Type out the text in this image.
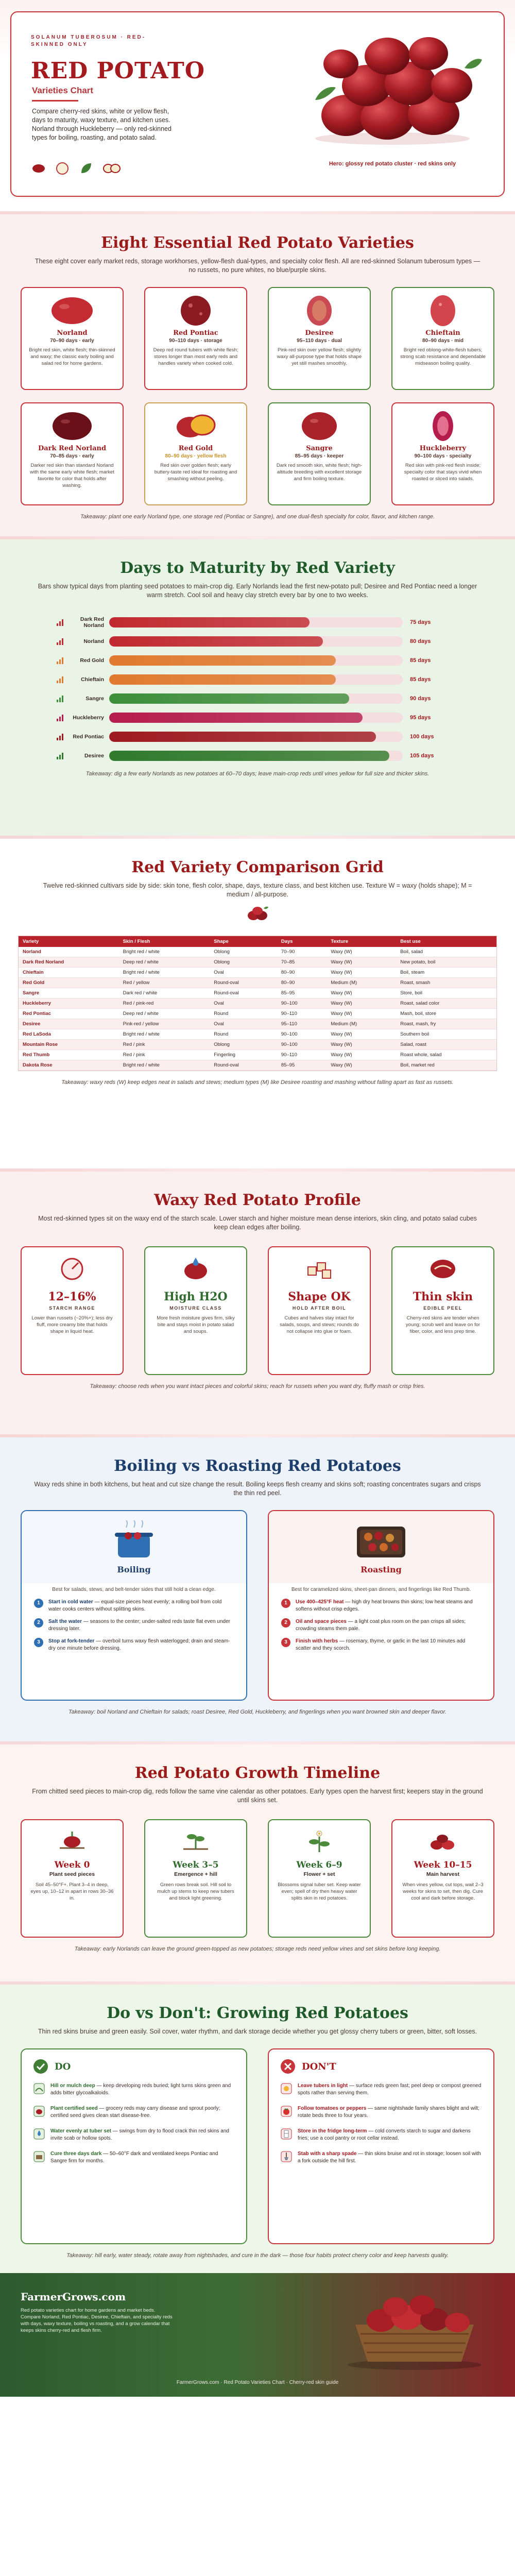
SOLANUM TUBEROSUM · RED-SKINNED ONLY
RED POTATO
Varieties Chart
Compare cherry-red skins, white or yellow flesh, days to maturity, waxy texture, and kitchen uses. Norland through Huckleberry — only red-skinned types for boiling, roasting, and potato salad.
Hero: glossy red potato cluster · red skins only
Eight Essential Red Potato Varieties
These eight cover early market reds, storage workhorses, yellow-flesh dual-types, and specialty color flesh. All are red-skinned Solanum tuberosum types — no russets, no pure whites, no blue/purple skins.
Norland
70–90 days · early
Bright red skin, white flesh; thin-skinned and waxy; the classic early boiling and salad red for home gardens.
Red Pontiac
90–110 days · storage
Deep red round tubers with white flesh; stores longer than most early reds and handles variety when cooked cold.
Desiree
95–110 days · dual
Pink-red skin over yellow flesh; slightly waxy all-purpose type that holds shape yet still mashes smoothly.
Chieftain
80–90 days · mid
Bright red oblong-white-flesh tubers; strong scab resistance and dependable midseason boiling quality.
Dark Red Norland
70–85 days · early
Darker red skin than standard Norland with the same early white flesh; market favorite for color that holds after washing.
Red Gold
80–90 days · yellow flesh
Red skin over golden flesh; early buttery-taste red ideal for roasting and smashing without peeling.
Sangre
85–95 days · keeper
Dark red smooth skin, white flesh; high-altitude breeding with excellent storage and firm boiling texture.
Huckleberry
90–100 days · specialty
Red skin with pink-red flesh inside; specialty color that stays vivid when roasted or sliced into salads.
Takeaway: plant one early Norland type, one storage red (Pontiac or Sangre), and one dual-flesh specialty for color, flavor, and kitchen range.
Days to Maturity by Red Variety
Bars show typical days from planting seed potatoes to main-crop dig. Early Norlands lead the first new-potato pull; Desiree and Red Pontiac need a longer warm stretch. Cool soil and heavy clay stretch every bar by one to two weeks.
Dark Red Norland	75 days
Norland	80 days
Red Gold	85 days
Chieftain	85 days
Sangre	90 days
Huckleberry	95 days
Red Pontiac	100 days
Desiree	105 days
Takeaway: dig a few early Norlands as new potatoes at 60–70 days; leave main-crop reds until vines yellow for full size and thicker skins.
Red Variety Comparison Grid
Twelve red-skinned cultivars side by side: skin tone, flesh color, shape, days, texture class, and best kitchen use. Texture W = waxy (holds shape); M = medium / all-purpose.
Variety	Skin / Flesh	Shape	Days	Texture	Best use
Norland	Bright red / white	Oblong	70–90	Waxy (W)	Boil, salad
Dark Red Norland	Deep red / white	Oblong	70–85	Waxy (W)	New potato, boil
Chieftain	Bright red / white	Oval	80–90	Waxy (W)	Boil, steam
Red Gold	Red / yellow	Round-oval	80–90	Medium (M)	Roast, smash
Sangre	Dark red / white	Round-oval	85–95	Waxy (W)	Store, boil
Huckleberry	Red / pink-red	Oval	90–100	Waxy (W)	Roast, salad color
Red Pontiac	Deep red / white	Round	90–110	Waxy (W)	Mash, boil, store
Desiree	Pink-red / yellow	Oval	95–110	Medium (M)	Roast, mash, fry
Red LaSoda	Bright red / white	Round	90–100	Waxy (W)	Southern boil
Mountain Rose	Red / pink	Oblong	90–100	Waxy (W)	Salad, roast
Red Thumb	Red / pink	Fingerling	90–110	Waxy (W)	Roast whole, salad
Dakota Rose	Bright red / white	Round-oval	85–95	Waxy (W)	Boil, market red
Takeaway: waxy reds (W) keep edges neat in salads and stews; medium types (M) like Desiree roasting and mashing without falling apart as fast as russets.
Waxy Red Potato Profile
Most red-skinned types sit on the waxy end of the starch scale. Lower starch and higher moisture mean dense interiors, skin cling, and potato salad cubes keep clean edges after boiling.
12–16%
STARCH RANGE
Lower than russets (~20%+); less dry fluff, more creamy bite that holds shape in liquid heat.
High H2O
MOISTURE CLASS
More fresh moisture gives firm, silky bite and stays moist in potato salad and soups.
Shape OK
HOLD AFTER BOIL
Cubes and halves stay intact for salads, soups, and stews; rounds do not collapse into glue or foam.
Thin skin
EDIBLE PEEL
Cherry-red skins are tender when young; scrub well and leave on for fiber, color, and less prep time.
Takeaway: choose reds when you want intact pieces and colorful skins; reach for russets when you want dry, fluffy mash or crisp fries.
Boiling vs Roasting Red Potatoes
Waxy reds shine in both kitchens, but heat and cut size change the result. Boiling keeps flesh creamy and skins soft; roasting concentrates sugars and crisps the thin red peel.
Boiling
Best for salads, stews, and belt-tender sides that still hold a clean edge.
1	Start in cold water — equal-size pieces heat evenly; a rolling boil from cold water cooks centers without splitting skins.
2	Salt the water — seasons to the center; under-salted reds taste flat even under dressing later.
3	Stop at fork-tender — overboil turns waxy flesh waterlogged; drain and steam-dry one minute before dressing.
Roasting
Best for caramelized skins, sheet-pan dinners, and fingerlings like Red Thumb.
1	Use 400–425°F heat — high dry heat browns thin skins; low heat steams and softens without crisp edges.
2	Oil and space pieces — a light coat plus room on the pan crisps all sides; crowding steams them pale.
3	Finish with herbs — rosemary, thyme, or garlic in the last 10 minutes add scatter and they scorch.
Takeaway: boil Norland and Chieftain for salads; roast Desiree, Red Gold, Huckleberry, and fingerlings when you want browned skin and deeper flavor.
Red Potato Growth Timeline
From chitted seed pieces to main-crop dig, reds follow the same vine calendar as other potatoes. Early types open the harvest first; keepers stay in the ground until skins set.
Week 0
Plant seed pieces
Soil 45–50°F+. Plant 3–4 in deep, eyes up, 10–12 in apart in rows 30–36 in.
Week 3–5
Emergence + hill
Green rows break soil. Hill soil to mulch up stems to keep new tubers and block light greening.
Week 6–9
Flower + set
Blossoms signal tuber set. Keep water even; spell of dry then heavy water splits skin in red potatoes.
Week 10–15
Main harvest
When vines yellow, cut tops, wait 2–3 weeks for skins to set, then dig. Cure cool and dark before storage.
Takeaway: early Norlands can leave the ground green-topped as new potatoes; storage reds need yellow vines and set skins before long keeping.
Do vs Don't: Growing Red Potatoes
Thin red skins bruise and green easily. Soil cover, water rhythm, and dark storage decide whether you get glossy cherry tubers or green, bitter, soft losses.
DO
Hill or mulch deep — keep developing reds buried; light turns skins green and adds bitter glycoalkaloids.
Plant certified seed — grocery reds may carry disease and sprout poorly; certified seed gives clean start disease-free.
Water evenly at tuber set — swings from dry to flood crack thin red skins and invite scab or hollow spots.
Cure three days dark — 50–60°F dark and ventilated keeps Pontiac and Sangre firm for months.
DON'T
Leave tubers in light — surface reds green fast; peel deep or compost greened spots rather than serving them.
Follow tomatoes or peppers — same nightshade family shares blight and wilt; rotate beds three to four years.
Store in the fridge long-term — cold converts starch to sugar and darkens fries; use a cool pantry or root cellar instead.
Stab with a sharp spade — thin skins bruise and rot in storage; loosen soil with a fork outside the hill first.
Takeaway: hill early, water steady, rotate away from nightshades, and cure in the dark — those four habits protect cherry color and keep harvests quality.
FarmerGrows.com
Red potato varieties chart for home gardens and market beds. Compare Norland, Red Pontiac, Desiree, Chieftain, and specialty reds with days, waxy texture, boiling vs roasting, and a grow calendar that keeps skins cherry-red and flesh firm.
FarmerGrows.com · Red Potato Varieties Chart · Cherry-red skin guide
